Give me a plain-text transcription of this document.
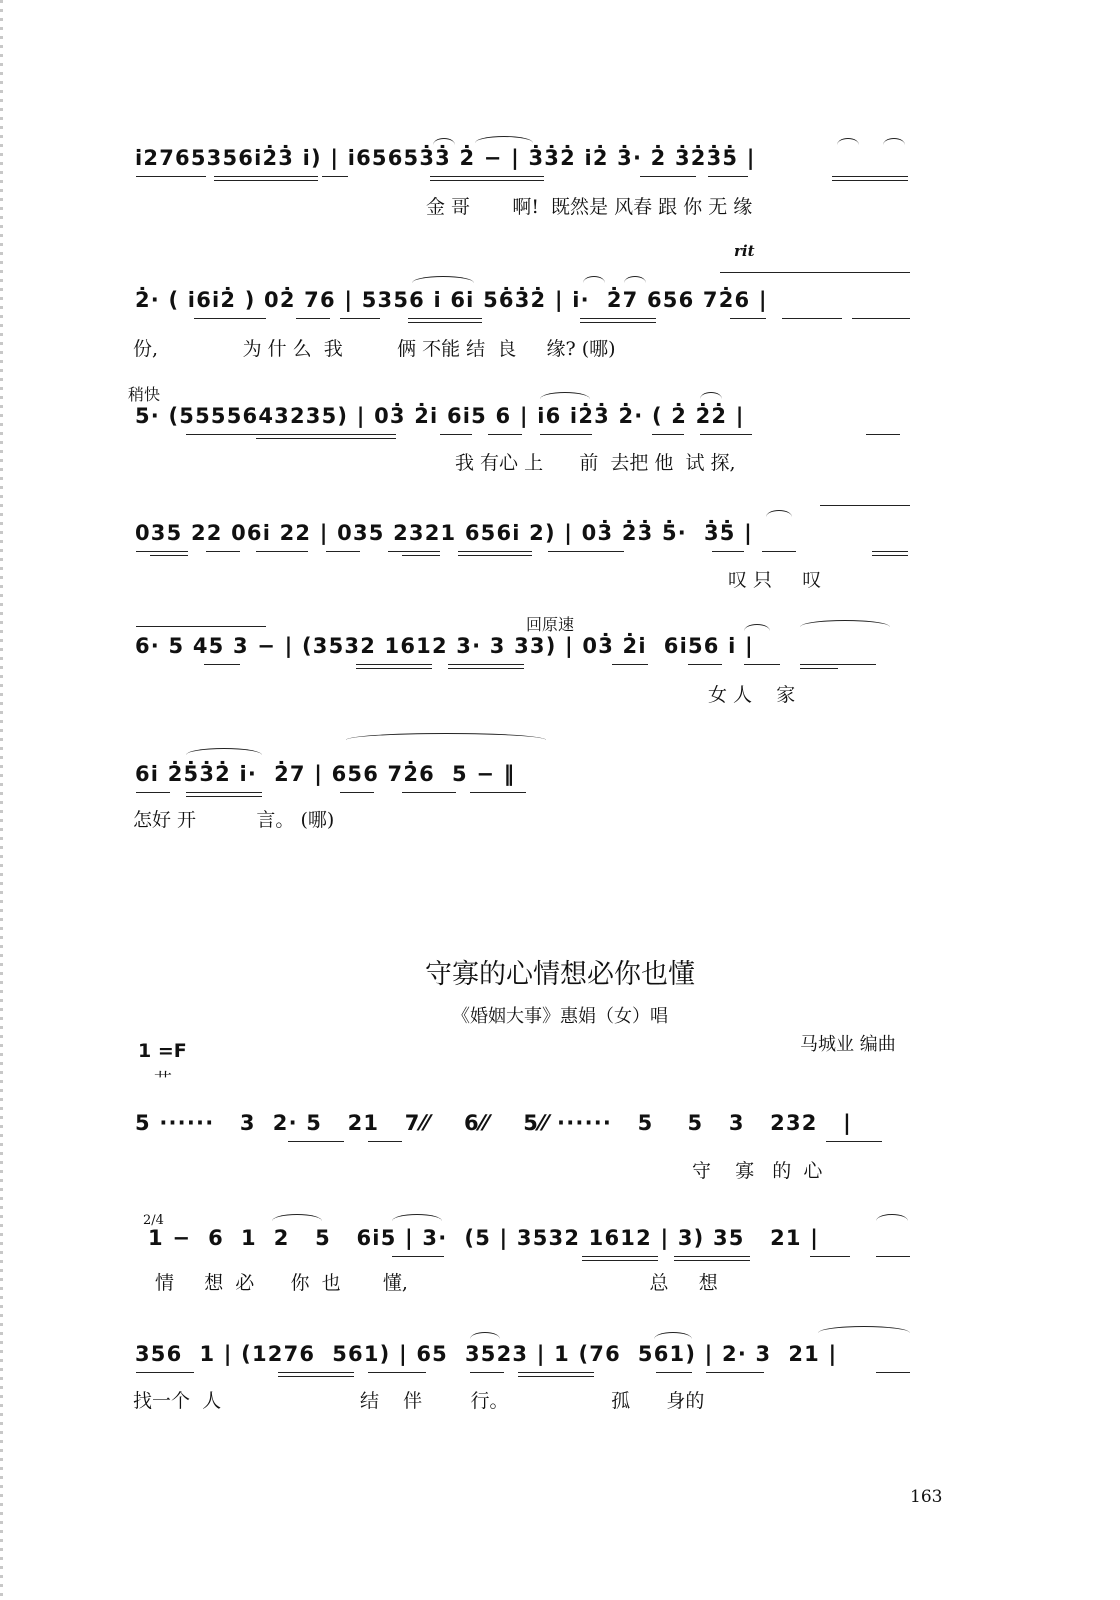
i̇2765356i̇2̇3̇ i̇) | i̇65653̇3̇ 2̇ − | 3̇3̇2̇ i̇2̇ 3̇· 2̇ 3̇2̇3̇5̇ |
金 哥       啊!  既然是 风春 跟 你 无 缘
rit
2̇· ( i̇6i̇2̇ ) 02̇ 76 | 5356 i̇ 6i̇ 56̇3̇2̇ | i̇·  2̇7 656 72̇6 |
份,              为 什 么  我         俩 不能 结  良     缘? (哪)
稍快
5· (5555643235) | 03̇ 2̇i̇ 6i̇5 6 | i̇6 i̇2̇3̇ 2̇· ( 2̇ 2̇2̇ |
我 有心 上      前  去把 他  试 探,
035 22 06i̇ 22 | 035 2321 656i̇ 2) | 03̇ 2̇3̇ 5̇·  3̇5̇ |
叹 只     叹
回原速
6· 5 45 3 − | (3532 1612 3· 3 33) | 03̇ 2̇i̇  6i̇56 i̇ |
女 人    家
6i̇ 2̇5̇3̇2̇ i̇·  2̇7 | 656 72̇6  5 − ‖
怎好 开          言。 (哪)
守寡的心情想必你也懂
《婚姻大事》惠娟（女）唱
马城业 编曲
1 =F
艹
5 ······   3  2· 5   21   7⁄⁄    6⁄⁄    5⁄⁄ ······   5    5   3   232   |
守    寡   的  心
2/4
1 −  6  1  2   5   6i̇5 | 3·  (5 | 3532 1612 | 3) 35   21 |
情     想  必      你  也       懂,                                        总     想
356  1 | (1276  561) | 65  3523 | 1 (76  561) | 2· 3  21 |
找一个  人                       结    伴        行。                 孤      身的
163
